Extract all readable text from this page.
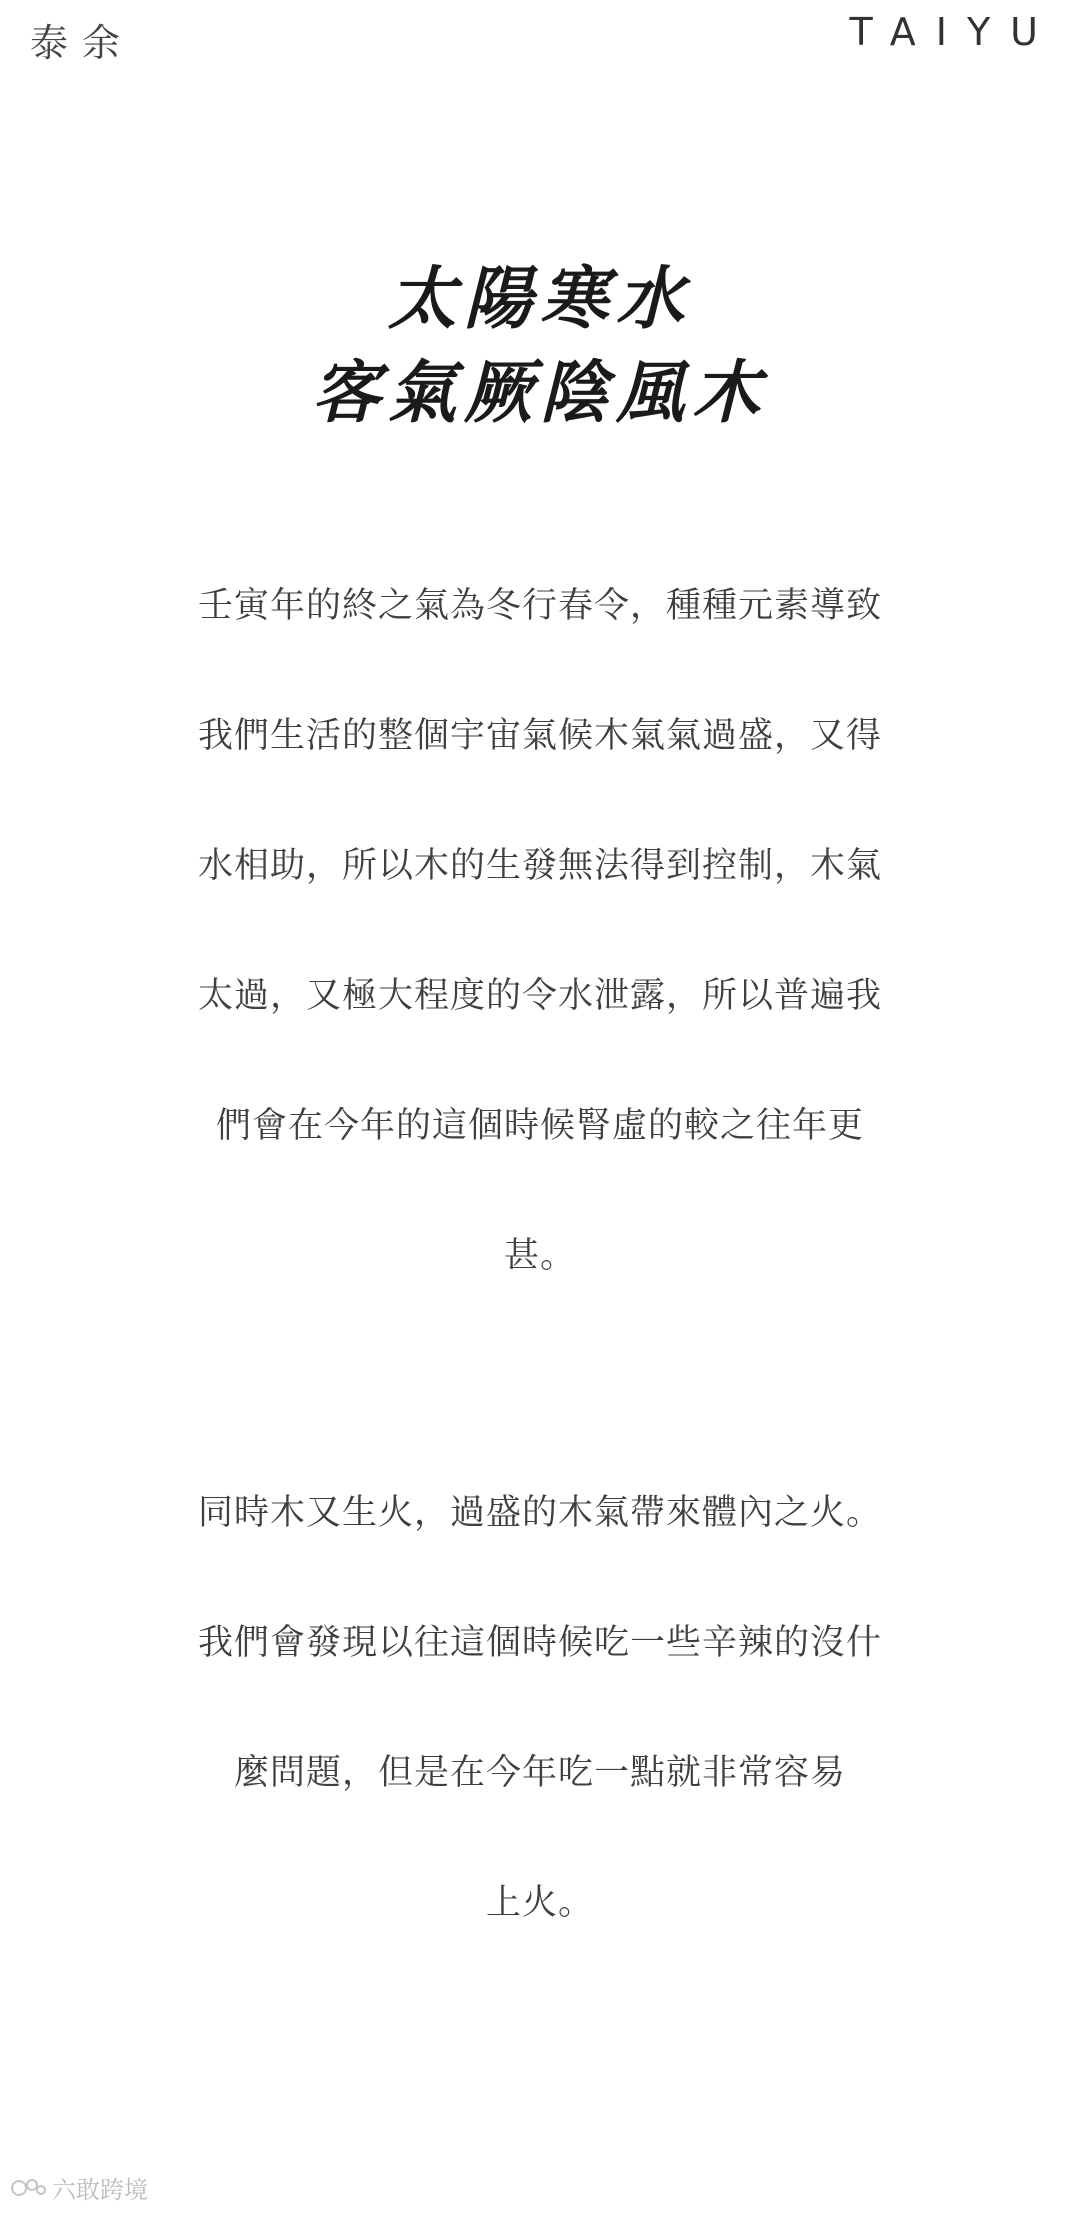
泰余	TAIYU
太陽寒水
客氣厥陰風木
壬寅年的終之氣為冬行春令，種種元素導致
我們生活的整個宇宙氣候木氣氣過盛，又得
水相助，所以木的生發無法得到控制，木氣
太過，又極大程度的令水泄露，所以普遍我
們會在今年的這個時候腎虛的較之往年更
甚。
同時木又生火，過盛的木氣帶來體內之火。
我們會發現以往這個時候吃一些辛辣的沒什
麼問題，但是在今年吃一點就非常容易
上火。
六敢跨境
